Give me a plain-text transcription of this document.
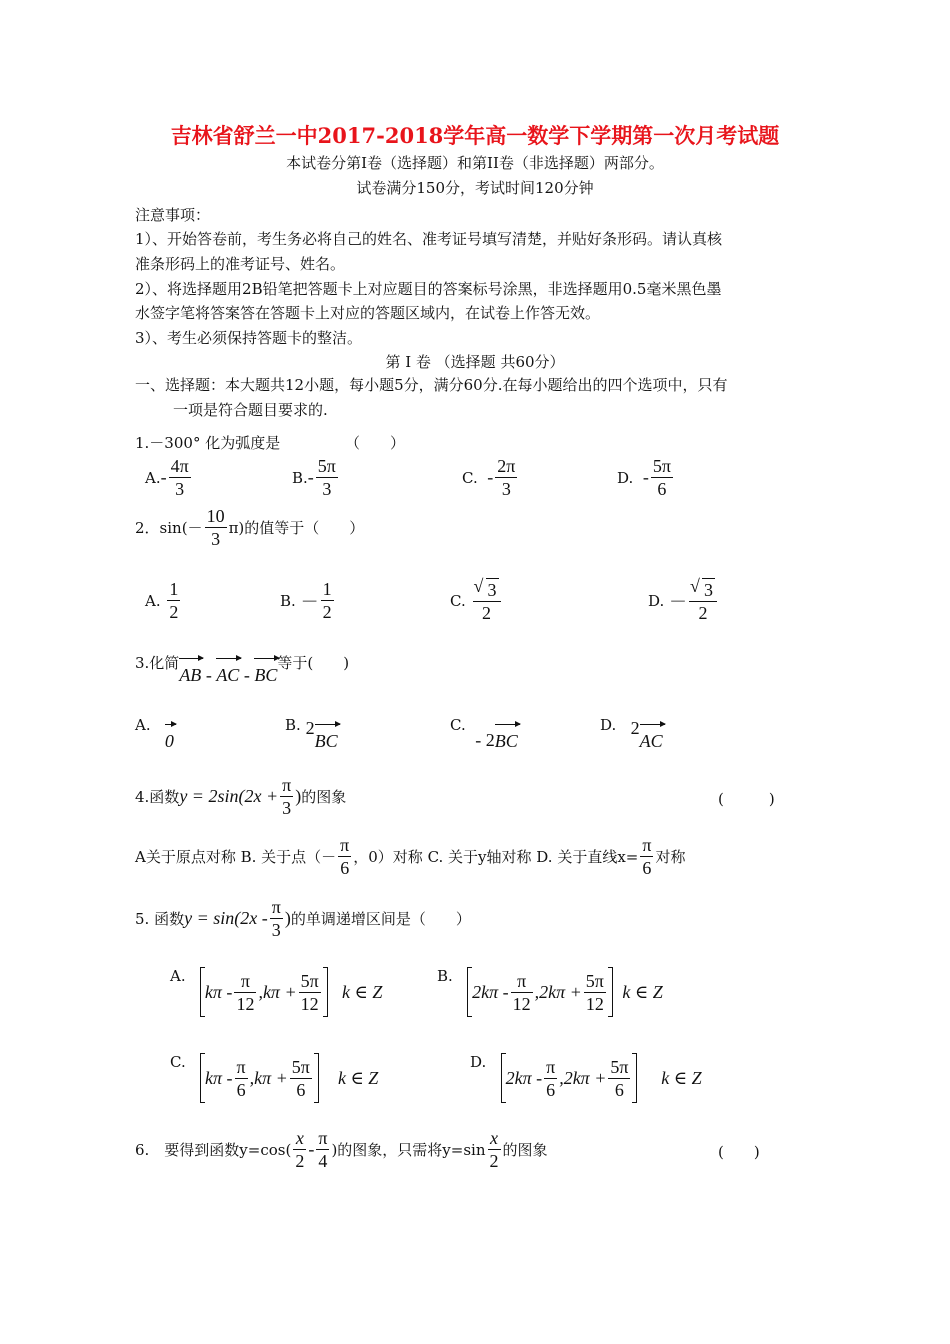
吉林省舒兰一中2017-2018学年高一数学下学期第一次月考试题
本试卷分第I卷（选择题）和第II卷（非选择题）两部分。
试卷满分150分，考试时间120分钟
注意事项：
1）、开始答卷前，考生务必将自己的姓名、准考证号填写清楚，并贴好条形码。请认真核
准条形码上的准考证号、姓名。
2）、将选择题用2B铅笔把答题卡上对应题目的答案标号涂黑，非选择题用0.5毫米黑色墨
水签字笔将答案答在答题卡上对应的答题区域内，在试卷上作答无效。
3）、考生必须保持答题卡的整洁。
第 I 卷 （选择题 共60分）
一、选择题：本大题共12小题，每小题5分，满分60分.在每小题给出的四个选项中，只有
一项是符合题目要求的.
1.－300° 化为弧度是	（　　）
A. - $\frac{4\pi}{3}$	B. - $\frac{5\pi}{3}$	C.
- $\frac{2\pi}{3}$	D.
- $\frac{5\pi}{6}$
2．$\sin(- \frac{10}{3} \pi)$的值等于（　　）
A.
$\frac{1}{2}$	B.
－ $\frac{1}{2}$	C.
√ $\frac{3}{2}$	D.
－ √ $\frac{3}{2}$
3.化简
AB - AC - BC
等于(　　)
A.

0
B.
2
BC
C.

- 2 BC
D.
2
AC
4.函数 $y = 2\sin(2x + \frac{\pi}{3}$ ) 的图象	(　　　)
A关于原点对称 B. 关于点（－ $\frac{\pi}{6}$ ，0）对称 C. 关于y轴对称 D. 关于直线$x= \frac{\pi}{6}$ 对称
5. 函数 $y = \sin(2x - \frac{\pi}{3}$ ) 的单调递增区间是（　　）
A.

$k\pi - \frac{\pi}{12} ,k\pi + \frac{5\pi}{12}$
k ∈ Z
B.

$2k\pi - \frac{\pi}{12} ,2k\pi + \frac{5\pi}{12}$
k ∈ Z
C.

$k\pi - \frac{\pi}{6} ,k\pi + \frac{5\pi}{6}$
k ∈ Z
D.

$2k\pi - \frac{\pi}{6} ,2k\pi + \frac{5\pi}{6}$
k ∈ Z
6.　要得到函数$y=\cos( \frac{x}{2} - \frac{\pi}{4}$ )的图象，只需将$y=\sin \frac{x}{2}$ 的图象	(　　)
